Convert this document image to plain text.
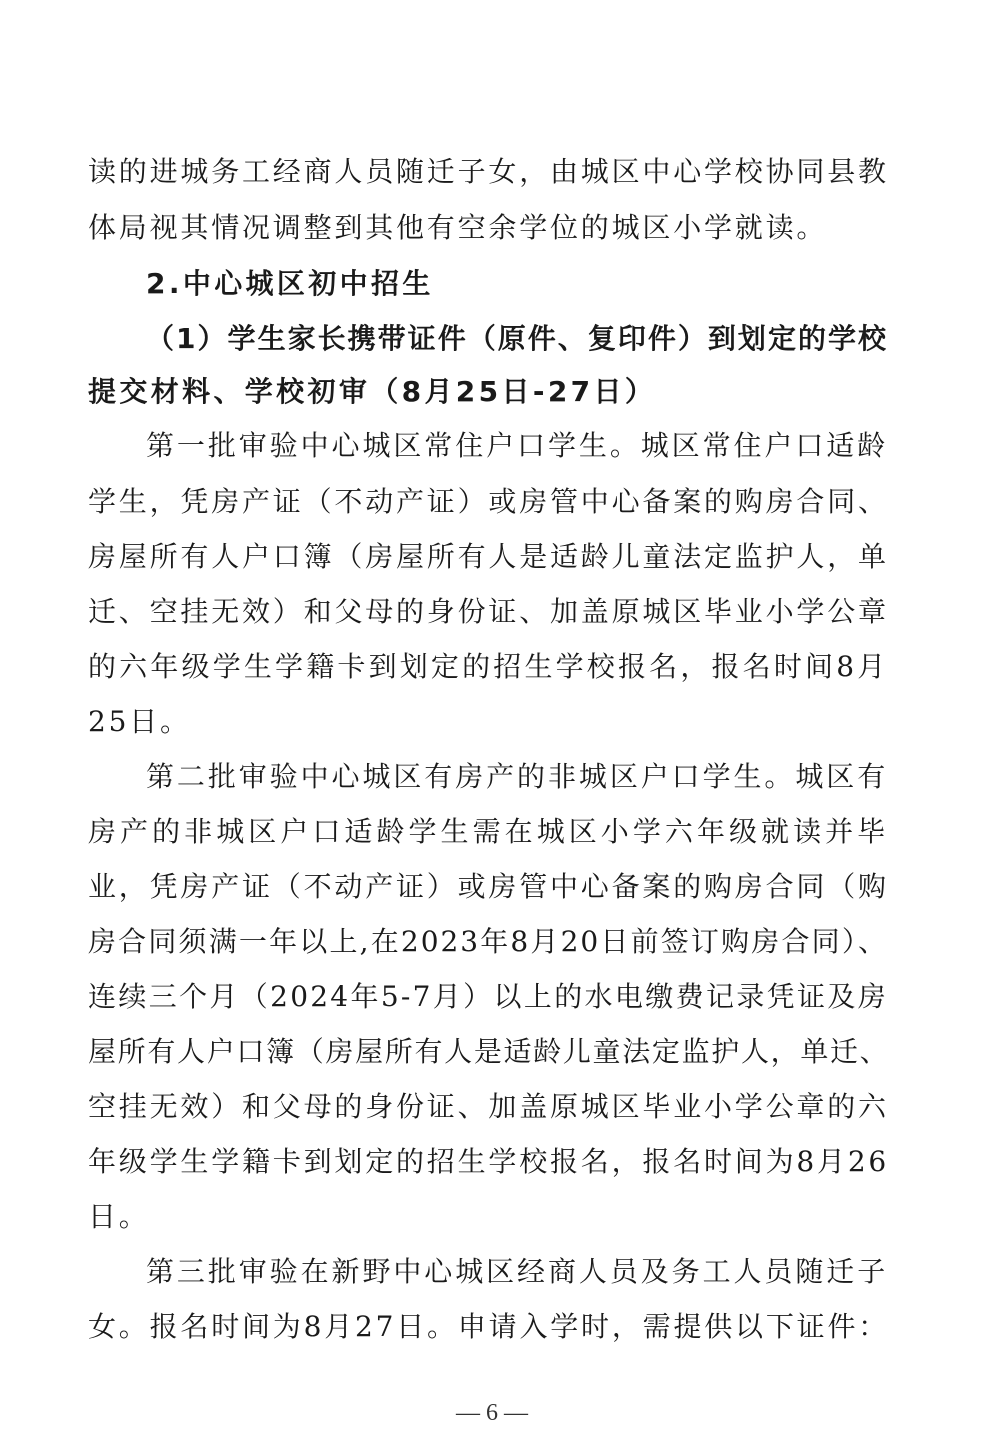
读的进城务工经商人员随迁子女，由城区中心学校协同县教
体局视其情况调整到其他有空余学位的城区小学就读。
2.中心城区初中招生
（1）学生家长携带证件（原件、复印件）到划定的学校
提交材料、学校初审（8月25日-27日）
第一批审验中心城区常住户口学生。城区常住户口适龄
学生，凭房产证（不动产证）或房管中心备案的购房合同、
房屋所有人户口簿（房屋所有人是适龄儿童法定监护人，单
迁、空挂无效）和父母的身份证、加盖原城区毕业小学公章
的六年级学生学籍卡到划定的招生学校报名，报名时间8月
25日。
第二批审验中心城区有房产的非城区户口学生。城区有
房产的非城区户口适龄学生需在城区小学六年级就读并毕
业，凭房产证（不动产证）或房管中心备案的购房合同（购
房合同须满一年以上,在2023年8月20日前签订购房合同）、
连续三个月（2024年5-7月）以上的水电缴费记录凭证及房
屋所有人户口簿（房屋所有人是适龄儿童法定监护人，单迁、
空挂无效）和父母的身份证、加盖原城区毕业小学公章的六
年级学生学籍卡到划定的招生学校报名，报名时间为8月26
日。
第三批审验在新野中心城区经商人员及务工人员随迁子
女。报名时间为8月27日。申请入学时，需提供以下证件：
— 6 —
